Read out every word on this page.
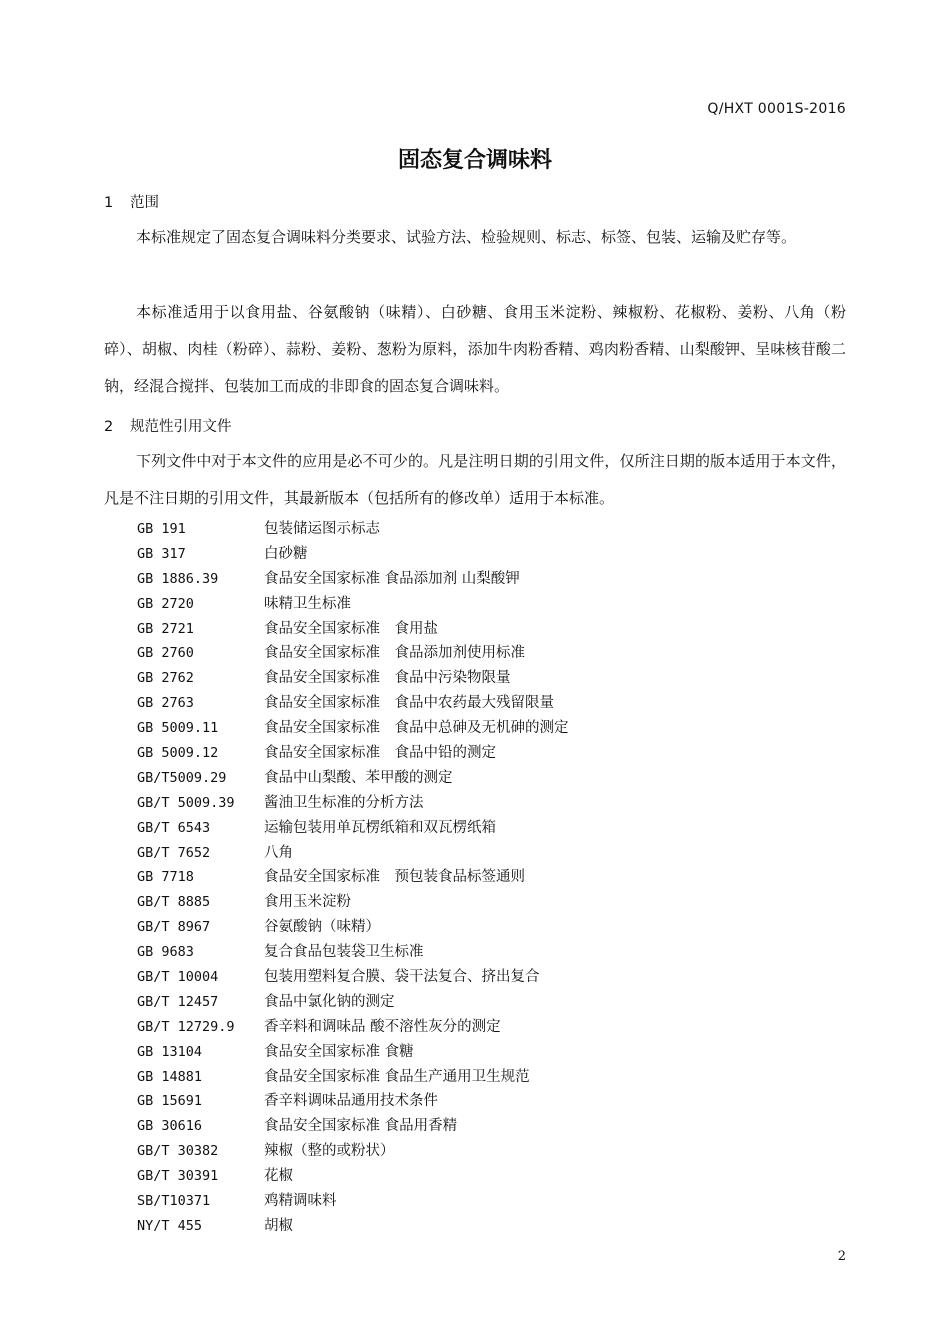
Q/HXT 0001S-2016
固态复合调味料
1 范围

本标准规定了固态复合调味料分类要求、试验方法、检验规则、标志、标签、包装、运输及贮存等。

本标准适用于以食用盐、谷氨酸钠（味精）、白砂糖、食用玉米淀粉、辣椒粉、花椒粉、姜粉、八角（粉碎）、胡椒、肉桂（粉碎）、蒜粉、姜粉、葱粉为原料，添加牛肉粉香精、鸡肉粉香精、山梨酸钾、呈味核苷酸二钠，经混合搅拌、包装加工而成的非即食的固态复合调味料。

2 规范性引用文件

下列文件中对于本文件的应用是必不可少的。凡是注明日期的引用文件，仅所注日期的版本适用于本文件，凡是不注日期的引用文件，其最新版本（包括所有的修改单）适用于本标准。

GB 191	包装储运图示标志
GB 317	白砂糖
GB 1886.39	食品安全国家标准 食品添加剂 山梨酸钾
GB 2720	味精卫生标准
GB 2721	食品安全国家标准　食用盐
GB 2760	食品安全国家标准　食品添加剂使用标准
GB 2762	食品安全国家标准　食品中污染物限量
GB 2763	食品安全国家标准　食品中农药最大残留限量
GB 5009.11	食品安全国家标准　食品中总砷及无机砷的测定
GB 5009.12	食品安全国家标准　食品中铅的测定
GB/T5009.29	食品中山梨酸、苯甲酸的测定
GB/T 5009.39 酱油卫生标准的分析方法
GB/T 6543	运输包装用单瓦楞纸箱和双瓦楞纸箱
GB/T 7652	八角
GB 7718	食品安全国家标准　预包装食品标签通则
GB/T 8885	食用玉米淀粉
GB/T 8967	谷氨酸钠（味精）
GB 9683	复合食品包装袋卫生标准
GB/T 10004	包装用塑料复合膜、袋干法复合、挤出复合
GB/T 12457	食品中氯化钠的测定
GB/T 12729.9 香辛料和调味品 酸不溶性灰分的测定
GB 13104	食品安全国家标准 食糖
GB 14881	食品安全国家标准 食品生产通用卫生规范
GB 15691	香辛料调味品通用技术条件
GB 30616	食品安全国家标准 食品用香精
GB/T 30382	辣椒（整的或粉状）
GB/T 30391	花椒
SB/T10371	鸡精调味料
NY/T 455	胡椒
2
